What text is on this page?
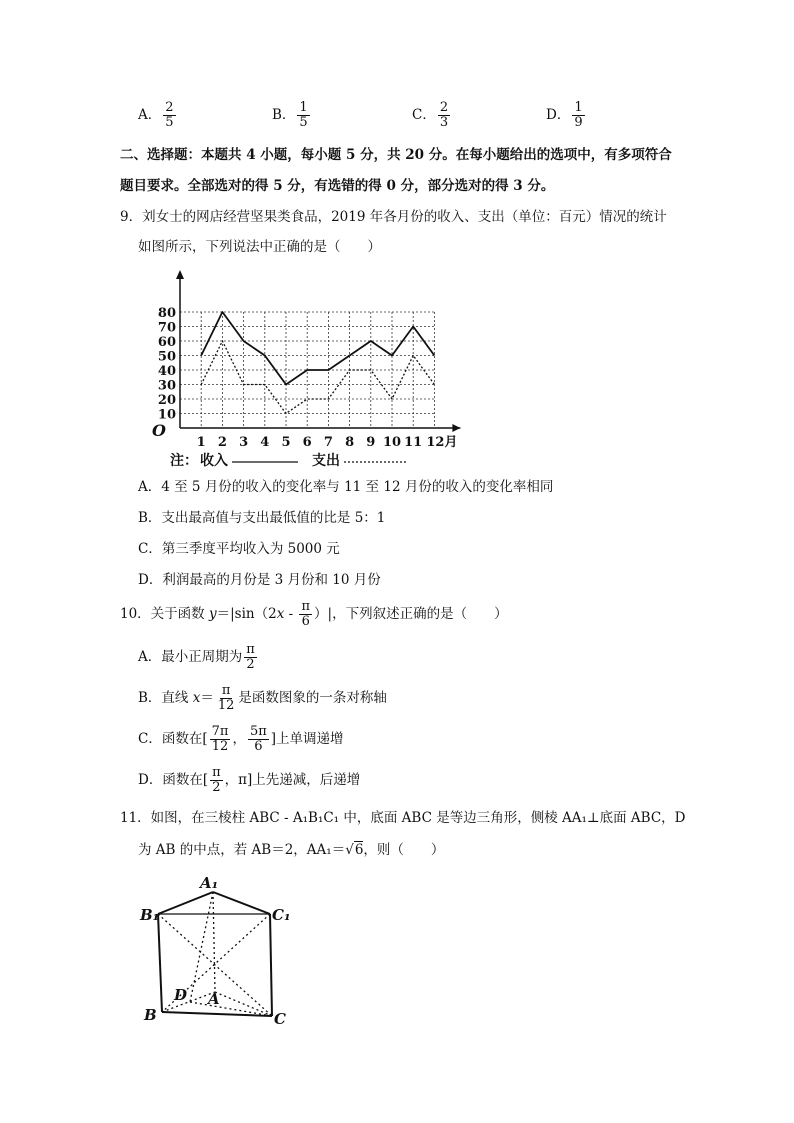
A． $\frac{2}{5}$	B． $\frac{1}{5}$	C． $\frac{2}{3}$	D． $\frac{1}{9}$
二、选择题：本题共 4 小题，每小题 5 分，共 20 分。在每小题给出的选项中，有多项符合
题目要求。全部选对的得 5 分，有选错的得 0 分，部分选对的得 3 分。
9．刘女士的网店经营坚果类食品，2019 年各月份的收入、支出（单位：百元）情况的统计
如图所示，下列说法中正确的是（　　）
O
10
20
30
40
50
60
70
80
1 2 3 4 5 6 7 8 9 10 11 12月
注： 收入	支出
A．4 至 5 月份的收入的变化率与 11 至 12 月份的收入的变化率相同
B．支出最高值与支出最低值的比是 5：1
C．第三季度平均收入为 5000 元
D．利润最高的月份是 3 月份和 10 月份
10．关于函数 $y=|\sin(2x - \frac{\pi}{6}$ ）|，下列叙述正确的是（　　）
A．最小正周期为 $\frac{\pi}{2}$
B．直线 $x= \frac{\pi}{12}$ 是函数图象的一条对称轴
C．函数在[ $\frac{7\pi}{12}$ ， $\frac{5\pi}{6}$ ]上单调递增
D．函数在[ $\frac{\pi}{2}$ ，π]上先递减，后递增
11．如图，在三棱柱 ABC - A₁B₁C₁ 中，底面 ABC 是等边三角形，侧棱 AA₁⊥底面 ABC，D
为 AB 的中点，若 AB＝2，AA₁＝√6，则（　　）
A₁
B₁	C₁
D A
B	C
